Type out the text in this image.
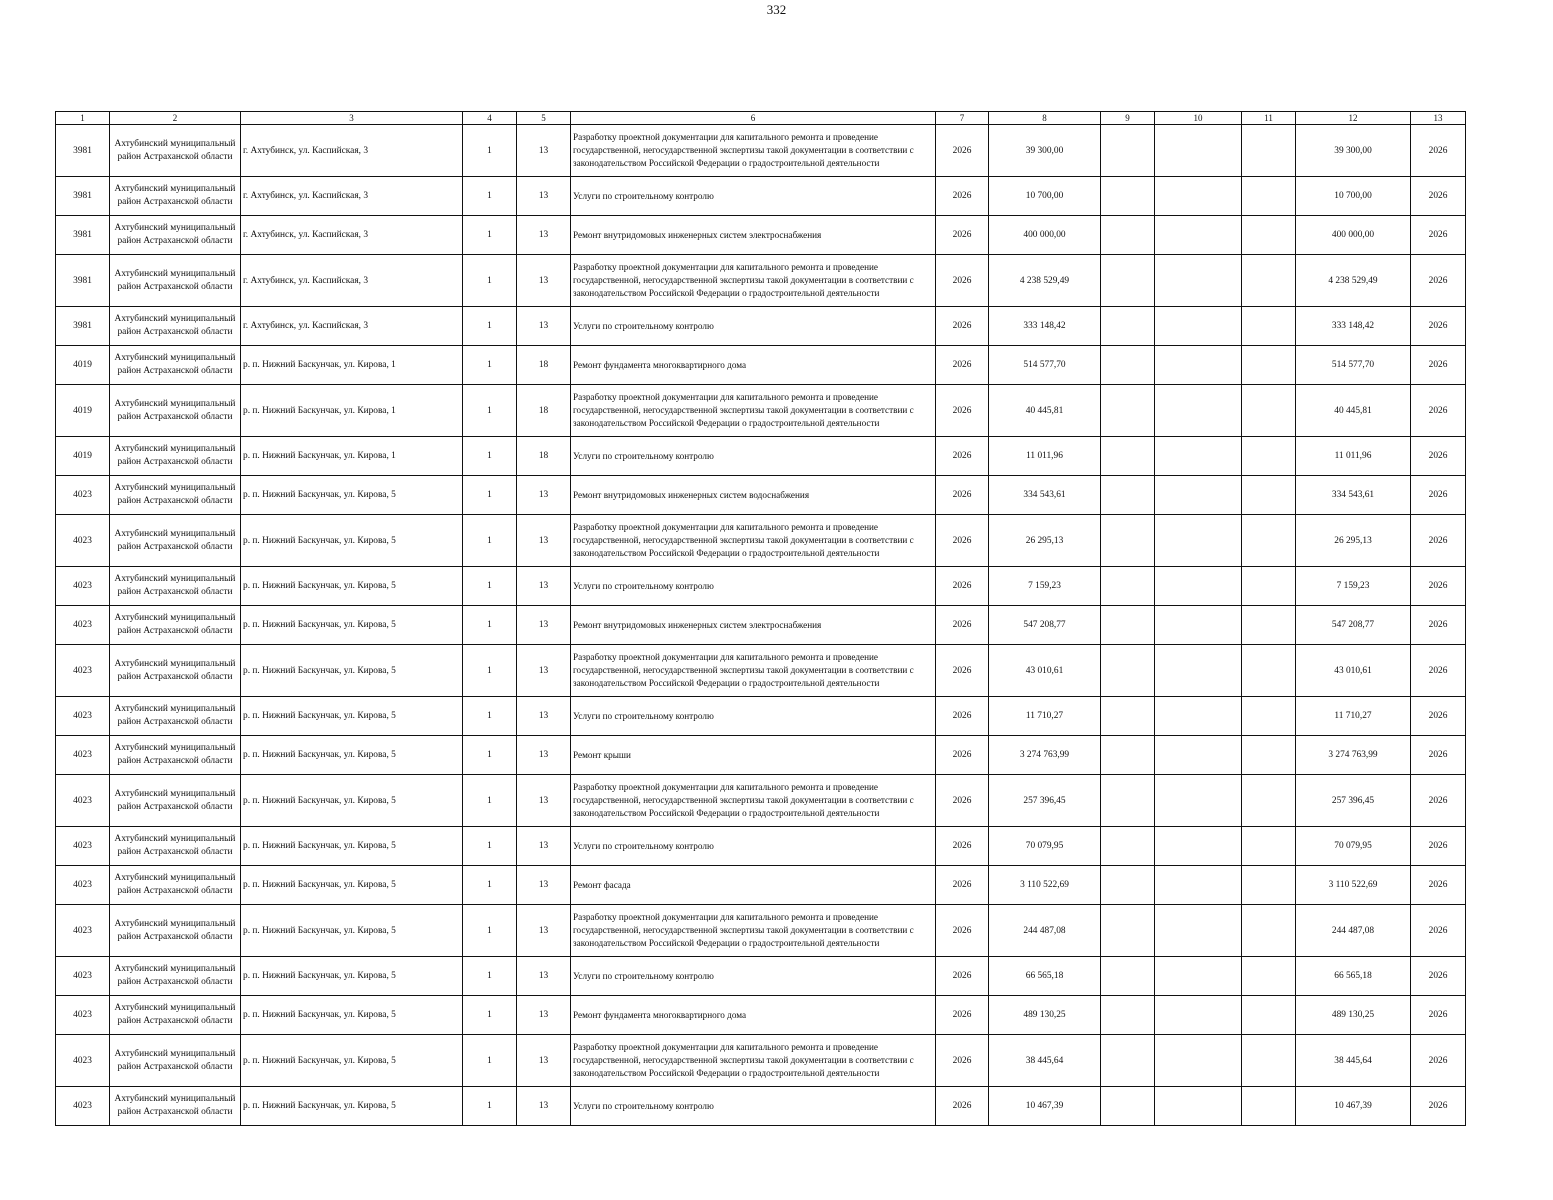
332
1	2	3	4	5	6	7	8	9	10	11	12	13
3981	Ахтубинский муниципальный район Астраханской области	г. Ахтубинск, ул. Каспийская, 3	1	13	Разработку проектной документации для капитального ремонта и проведение государственной, негосударственной экспертизы такой документации в соответствии с законодательством Российской Федерации о градостроительной деятельности	2026	39 300,00				39 300,00	2026
3981	Ахтубинский муниципальный район Астраханской области	г. Ахтубинск, ул. Каспийская, 3	1	13	Услуги по строительному контролю	2026	10 700,00				10 700,00	2026
3981	Ахтубинский муниципальный район Астраханской области	г. Ахтубинск, ул. Каспийская, 3	1	13	Ремонт внутридомовых инженерных систем электроснабжения	2026	400 000,00				400 000,00	2026
3981	Ахтубинский муниципальный район Астраханской области	г. Ахтубинск, ул. Каспийская, 3	1	13	Разработку проектной документации для капитального ремонта и проведение государственной, негосударственной экспертизы такой документации в соответствии с законодательством Российской Федерации о градостроительной деятельности	2026	4 238 529,49				4 238 529,49	2026
3981	Ахтубинский муниципальный район Астраханской области	г. Ахтубинск, ул. Каспийская, 3	1	13	Услуги по строительному контролю	2026	333 148,42				333 148,42	2026
4019	Ахтубинский муниципальный район Астраханской области	р. п. Нижний Баскунчак, ул. Кирова, 1	1	18	Ремонт фундамента многоквартирного дома	2026	514 577,70				514 577,70	2026
4019	Ахтубинский муниципальный район Астраханской области	р. п. Нижний Баскунчак, ул. Кирова, 1	1	18	Разработку проектной документации для капитального ремонта и проведение государственной, негосударственной экспертизы такой документации в соответствии с законодательством Российской Федерации о градостроительной деятельности	2026	40 445,81				40 445,81	2026
4019	Ахтубинский муниципальный район Астраханской области	р. п. Нижний Баскунчак, ул. Кирова, 1	1	18	Услуги по строительному контролю	2026	11 011,96				11 011,96	2026
4023	Ахтубинский муниципальный район Астраханской области	р. п. Нижний Баскунчак, ул. Кирова, 5	1	13	Ремонт внутридомовых инженерных систем водоснабжения	2026	334 543,61				334 543,61	2026
4023	Ахтубинский муниципальный район Астраханской области	р. п. Нижний Баскунчак, ул. Кирова, 5	1	13	Разработку проектной документации для капитального ремонта и проведение государственной, негосударственной экспертизы такой документации в соответствии с законодательством Российской Федерации о градостроительной деятельности	2026	26 295,13				26 295,13	2026
4023	Ахтубинский муниципальный район Астраханской области	р. п. Нижний Баскунчак, ул. Кирова, 5	1	13	Услуги по строительному контролю	2026	7 159,23				7 159,23	2026
4023	Ахтубинский муниципальный район Астраханской области	р. п. Нижний Баскунчак, ул. Кирова, 5	1	13	Ремонт внутридомовых инженерных систем электроснабжения	2026	547 208,77				547 208,77	2026
4023	Ахтубинский муниципальный район Астраханской области	р. п. Нижний Баскунчак, ул. Кирова, 5	1	13	Разработку проектной документации для капитального ремонта и проведение государственной, негосударственной экспертизы такой документации в соответствии с законодательством Российской Федерации о градостроительной деятельности	2026	43 010,61				43 010,61	2026
4023	Ахтубинский муниципальный район Астраханской области	р. п. Нижний Баскунчак, ул. Кирова, 5	1	13	Услуги по строительному контролю	2026	11 710,27				11 710,27	2026
4023	Ахтубинский муниципальный район Астраханской области	р. п. Нижний Баскунчак, ул. Кирова, 5	1	13	Ремонт крыши	2026	3 274 763,99				3 274 763,99	2026
4023	Ахтубинский муниципальный район Астраханской области	р. п. Нижний Баскунчак, ул. Кирова, 5	1	13	Разработку проектной документации для капитального ремонта и проведение государственной, негосударственной экспертизы такой документации в соответствии с законодательством Российской Федерации о градостроительной деятельности	2026	257 396,45				257 396,45	2026
4023	Ахтубинский муниципальный район Астраханской области	р. п. Нижний Баскунчак, ул. Кирова, 5	1	13	Услуги по строительному контролю	2026	70 079,95				70 079,95	2026
4023	Ахтубинский муниципальный район Астраханской области	р. п. Нижний Баскунчак, ул. Кирова, 5	1	13	Ремонт фасада	2026	3 110 522,69				3 110 522,69	2026
4023	Ахтубинский муниципальный район Астраханской области	р. п. Нижний Баскунчак, ул. Кирова, 5	1	13	Разработку проектной документации для капитального ремонта и проведение государственной, негосударственной экспертизы такой документации в соответствии с законодательством Российской Федерации о градостроительной деятельности	2026	244 487,08				244 487,08	2026
4023	Ахтубинский муниципальный район Астраханской области	р. п. Нижний Баскунчак, ул. Кирова, 5	1	13	Услуги по строительному контролю	2026	66 565,18				66 565,18	2026
4023	Ахтубинский муниципальный район Астраханской области	р. п. Нижний Баскунчак, ул. Кирова, 5	1	13	Ремонт фундамента многоквартирного дома	2026	489 130,25				489 130,25	2026
4023	Ахтубинский муниципальный район Астраханской области	р. п. Нижний Баскунчак, ул. Кирова, 5	1	13	Разработку проектной документации для капитального ремонта и проведение государственной, негосударственной экспертизы такой документации в соответствии с законодательством Российской Федерации о градостроительной деятельности	2026	38 445,64				38 445,64	2026
4023	Ахтубинский муниципальный район Астраханской области	р. п. Нижний Баскунчак, ул. Кирова, 5	1	13	Услуги по строительному контролю	2026	10 467,39				10 467,39	2026
